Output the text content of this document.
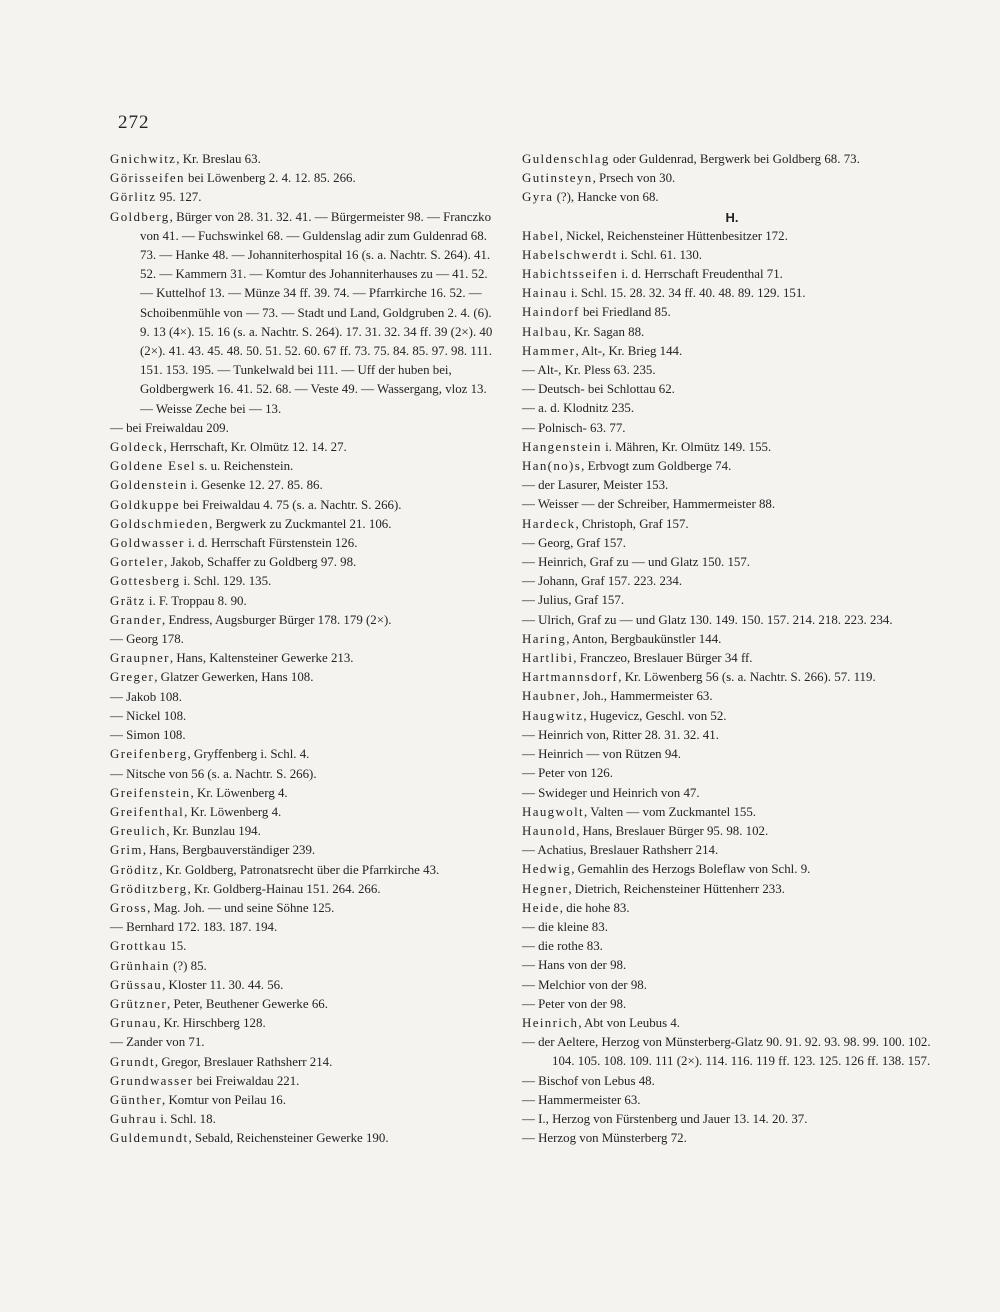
272
Gnichwitz, Kr. Breslau 63.
Görisseifen bei Löwenberg 2. 4. 12. 85. 266.
Görlitz 95. 127.
Goldberg, Bürger von 28. 31. 32. 41. — Bürgermeister 98. — Franczko von 41. — Fuchswinkel 68. — Guldenslag adir zum Guldenrad 68. 73. — Hanke 48. — Johanniterhospital 16 (s. a. Nachtr. S. 264). 41. 52. — Kammern 31. — Komtur des Johanniterhauses zu — 41. 52. — Kuttelhof 13. — Münze 34 ff. 39. 74. — Pfarrkirche 16. 52. — Schoibenmühle von — 73. — Stadt und Land, Goldgruben 2. 4. (6). 9. 13 (4×). 15. 16 (s. a. Nachtr. S. 264). 17. 31. 32. 34 ff. 39 (2×). 40 (2×). 41. 43. 45. 48. 50. 51. 52. 60. 67 ff. 73. 75. 84. 85. 97. 98. 111. 151. 153. 195. — Tunkelwald bei 111. — Uff der huben bei, Goldbergwerk 16. 41. 52. 68. — Veste 49. — Wassergang, vloz 13. — Weisse Zeche bei — 13.
— bei Freiwaldau 209.
Goldeck, Herrschaft, Kr. Olmütz 12. 14. 27.
Goldene Esel s. u. Reichenstein.
Goldenstein i. Gesenke 12. 27. 85. 86.
Goldkuppe bei Freiwaldau 4. 75 (s. a. Nachtr. S. 266).
Goldschmieden, Bergwerk zu Zuckmantel 21. 106.
Goldwasser i. d. Herrschaft Fürstenstein 126.
Gorteler, Jakob, Schaffer zu Goldberg 97. 98.
Gottesberg i. Schl. 129. 135.
Grätz i. F. Troppau 8. 90.
Grander, Endress, Augsburger Bürger 178. 179 (2×).
— Georg 178.
Graupner, Hans, Kaltensteiner Gewerke 213.
Greger, Glatzer Gewerken, Hans 108.
— Jakob 108.
— Nickel 108.
— Simon 108.
Greifenberg, Gryffenberg i. Schl. 4.
— Nitsche von 56 (s. a. Nachtr. S. 266).
Greifenstein, Kr. Löwenberg 4.
Greifenthal, Kr. Löwenberg 4.
Greulich, Kr. Bunzlau 194.
Grim, Hans, Bergbauverständiger 239.
Gröditz, Kr. Goldberg, Patronatsrecht über die Pfarrkirche 43.
Gröditzberg, Kr. Goldberg-Hainau 151. 264. 266.
Gross, Mag. Joh. — und seine Söhne 125.
— Bernhard 172. 183. 187. 194.
Grottkau 15.
Grünhain (?) 85.
Grüssau, Kloster 11. 30. 44. 56.
Grützner, Peter, Beuthener Gewerke 66.
Grunau, Kr. Hirschberg 128.
— Zander von 71.
Grundt, Gregor, Breslauer Rathsherr 214.
Grundwasser bei Freiwaldau 221.
Günther, Komtur von Peilau 16.
Guhrau i. Schl. 18.
Guldemundt, Sebald, Reichensteiner Gewerke 190.
Guldenschlag oder Guldenrad, Bergwerk bei Goldberg 68. 73.
Gutinsteyn, Prsech von 30.
Gyra (?), Hancke von 68.
H.
Habel, Nickel, Reichensteiner Hüttenbesitzer 172.
Habelschwerdt i. Schl. 61. 130.
Habichtsseifen i. d. Herrschaft Freudenthal 71.
Hainau i. Schl. 15. 28. 32. 34 ff. 40. 48. 89. 129. 151.
Haindorf bei Friedland 85.
Halbau, Kr. Sagan 88.
Hammer, Alt-, Kr. Brieg 144.
— Alt-, Kr. Pless 63. 235.
— Deutsch- bei Schlottau 62.
— a. d. Klodnitz 235.
— Polnisch- 63. 77.
Hangenstein i. Mähren, Kr. Olmütz 149. 155.
Han(no)s, Erbvogt zum Goldberge 74.
— der Lasurer, Meister 153.
— Weisser — der Schreiber, Hammermeister 88.
Hardeck, Christoph, Graf 157.
— Georg, Graf 157.
— Heinrich, Graf zu — und Glatz 150. 157.
— Johann, Graf 157. 223. 234.
— Julius, Graf 157.
— Ulrich, Graf zu — und Glatz 130. 149. 150. 157. 214. 218. 223. 234.
Haring, Anton, Bergbaukünstler 144.
Hartlibi, Franczeo, Breslauer Bürger 34 ff.
Hartmannsdorf, Kr. Löwenberg 56 (s. a. Nachtr. S. 266). 57. 119.
Haubner, Joh., Hammermeister 63.
Haugwitz, Hugevicz, Geschl. von 52.
— Heinrich von, Ritter 28. 31. 32. 41.
— Heinrich — von Rützen 94.
— Peter von 126.
— Swideger und Heinrich von 47.
Haugwolt, Valten — vom Zuckmantel 155.
Haunold, Hans, Breslauer Bürger 95. 98. 102.
— Achatius, Breslauer Rathsherr 214.
Hedwig, Gemahlin des Herzogs Boleflaw von Schl. 9.
Hegner, Dietrich, Reichensteiner Hüttenherr 233.
Heide, die hohe 83.
— die kleine 83.
— die rothe 83.
— Hans von der 98.
— Melchior von der 98.
— Peter von der 98.
Heinrich, Abt von Leubus 4.
— der Aeltere, Herzog von Münsterberg-Glatz 90. 91. 92. 93. 98. 99. 100. 102. 104. 105. 108. 109. 111 (2×). 114. 116. 119 ff. 123. 125. 126 ff. 138. 157.
— Bischof von Lebus 48.
— Hammermeister 63.
— I., Herzog von Fürstenberg und Jauer 13. 14. 20. 37.
— Herzog von Münsterberg 72.
